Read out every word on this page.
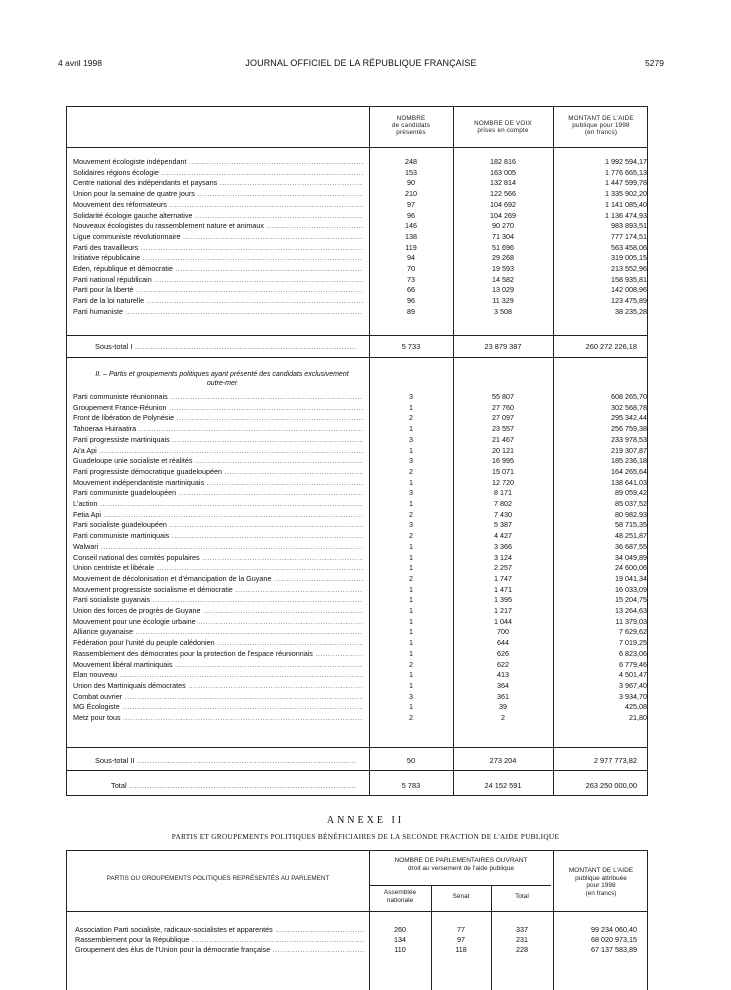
4 avril 1998	JOURNAL OFFICIEL DE LA RÉPUBLIQUE FRANÇAISE	5279
NOMBRE
de candidats
présentés
NOMBRE DE VOIX
prises en compte
MONTANT DE L'AIDE
publique pour 1998
(en francs)
Mouvement écologiste indépendant .....	248	182 816	1 992 594,17
Solidaires régions écologie .....	153	163 005	1 776 665,13
Centre national des indépendants et paysans .....	90	132 814	1 447 599,78
Union pour la semaine de quatre jours .....	210	122 566	1 335 902,20
Mouvement des réformateurs .....	97	104 692	1 141 085,40
Solidarité écologie gauche alternative .....	96	104 269	1 136 474,93
Nouveaux écologistes du rassemblement nature et animaux .....	146	90 270	983 893,51
Ligue communiste révolutionnaire .....	138	71 304	777 174,51
Parti des travailleurs .....	119	51 696	563 458,06
Initiative républicaine .....	94	29 268	319 005,15
Eden, république et démocratie .....	70	19 593	213 552,96
Parti national républicain .....	73	14 582	158 935,81
Parti pour la liberté .....	66	13 029	142 008,96
Parti de la loi naturelle .....	96	11 329	123 475,89
Parti humaniste .....	89	3 508	38 235,28
Sous-total I .....	5 733	23 879 387	260 272 226,18
II. – Partis et groupements politiques ayant présenté des candidats exclusivement outre-mer
Parti communiste réunionnais .....	3	55 807	608 265,70
Groupement France-Réunion .....	1	27 760	302 568,78
Front de libération de Polynésie .....	2	27 097	295 342,44
Tahoeraa Huiraatira .....	1	23 557	256 759,38
Parti progressiste martiniquais .....	3	21 467	233 978,53
Ai'a Api .....	1	20 121	219 307,87
Guadeloupe unie socialiste et réalités .....	3	16 995	185 236,18
Parti progressiste démocratique guadeloupéen .....	2	15 071	164 265,64
Mouvement indépendantiste martiniquais .....	1	12 720	138 641,03
Parti communiste guadeloupéen .....	3	8 171	89 059,42
L'action .....	1	7 802	85 037,52
Fetia Api .....	2	7 430	80 982,93
Parti socialiste guadeloupéen .....	3	5 387	58 715,35
Parti communiste martiniquais .....	2	4 427	48 251,87
Walwari .....	1	3 366	36 687,55
Conseil national des comités populaires .....	1	3 124	34 049,89
Union centriste et libérale .....	1	2 257	24 600,06
Mouvement de décolonisation et d'émancipation de la Guyane .....	2	1 747	19 041,34
Mouvement progressiste socialisme et démocratie .....	1	1 471	16 033,09
Parti socialiste guyanais .....	1	1 395	15 204,75
Union des forces de progrès de Guyane .....	1	1 217	13 264,63
Mouvement pour une écologie urbaine .....	1	1 044	11 379,03
Alliance guyanaise .....	1	700	7 629,62
Fédération pour l'unité du peuple calédonien .....	1	644	7 019,25
Rassemblement des démocrates pour la protection de l'espace réunionnais .....	1	626	6 823,06
Mouvement libéral martiniquais .....	2	622	6 779,46
Elan nouveau .....	1	413	4 501,47
Union des Martiniquais démocrates .....	1	364	3 967,40
Combat ouvrier .....	3	361	3 934,70
MG Écologiste .....	1	39	425,08
Metz pour tous .....	2	2	21,80
Sous-total II .....	50	273 204	2 977 773,82
Total .....	5 783	24 152 591	263 250 000,00
ANNEXE II
PARTIS ET GROUPEMENTS POLITIQUES BÉNÉFICIAIRES DE LA SECONDE FRACTION DE L'AIDE PUBLIQUE
PARTIS OU GROUPEMENTS POLITIQUES REPRÉSENTÉS AU PARLEMENT
NOMBRE DE PARLEMENTAIRES OUVRANT
droit au versement de l'aide publique
Assemblée
nationale
Sénat	Total
MONTANT DE L'AIDE
publique attribuée
pour 1998
(en francs)
Association Parti socialiste, radicaux-socialistes et apparentés .....	260	77	337	99 234 060,40
Rassemblement pour la République .....	134	97	231	68 020 973,15
Groupement des élus de l'Union pour la démocratie française .....	110	118	228	67 137 583,89
